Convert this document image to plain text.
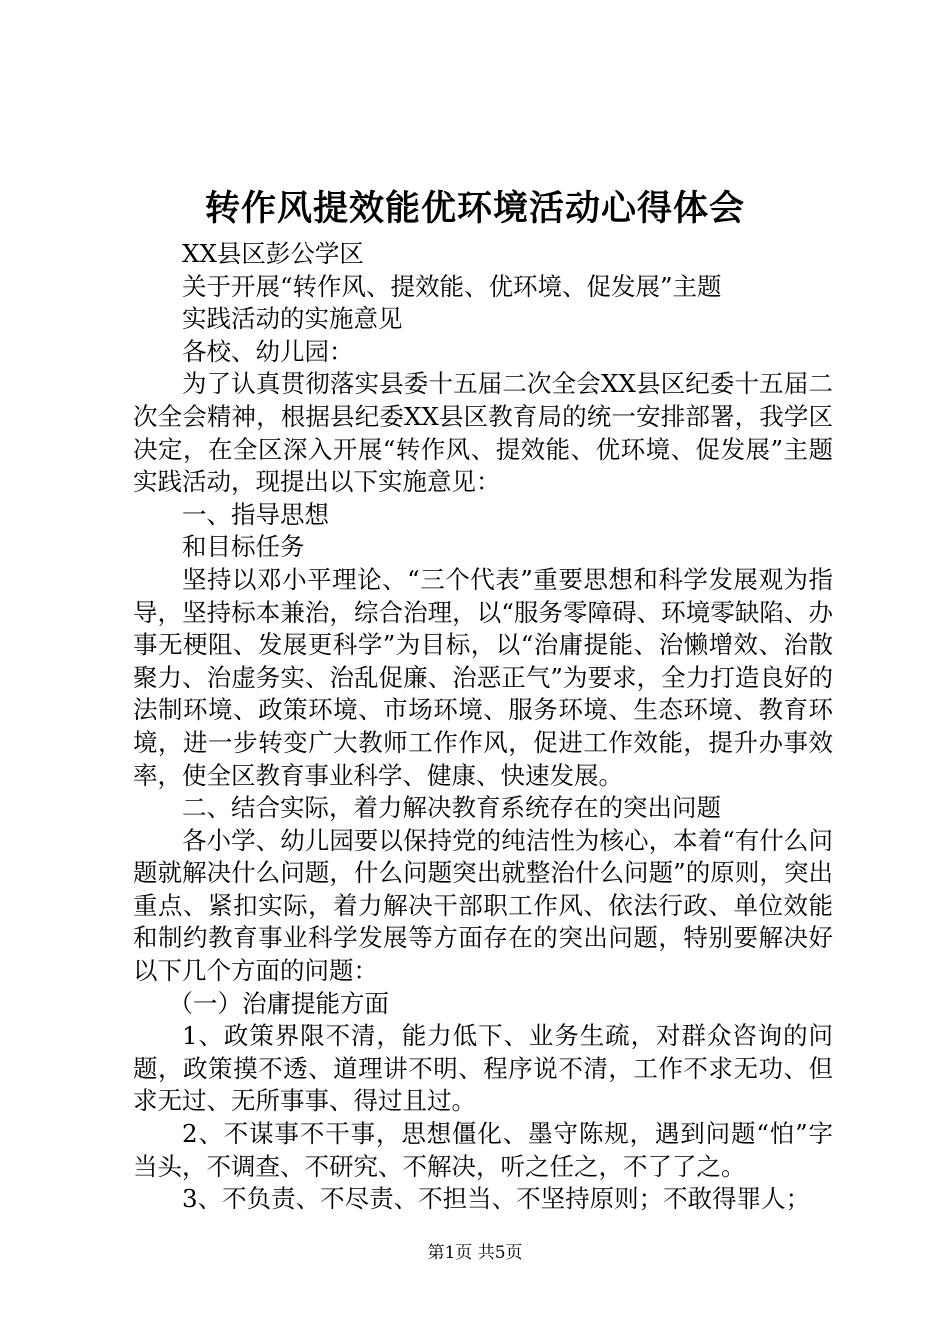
转作风提效能优环境活动心得体会

XX县区彭公学区

关于开展“转作风、提效能、优环境、促发展”主题

实践活动的实施意见

各校、幼儿园：

为了认真贯彻落实县委十五届二次全会XX县区纪委十五届二次全会精神，根据县纪委XX县区教育局的统一安排部署，我学区决定，在全区深入开展“转作风、提效能、优环境、促发展”主题实践活动，现提出以下实施意见：

一、指导思想

和目标任务

坚持以邓小平理论、“三个代表”重要思想和科学发展观为指导，坚持标本兼治，综合治理，以“服务零障碍、环境零缺陷、办事无梗阻、发展更科学”为目标，以“治庸提能、治懒增效、治散聚力、治虚务实、治乱促廉、治恶正气”为要求，全力打造良好的法制环境、政策环境、市场环境、服务环境、生态环境、教育环境，进一步转变广大教师工作作风，促进工作效能，提升办事效率，使全区教育事业科学、健康、快速发展。

二、结合实际，着力解决教育系统存在的突出问题

各小学、幼儿园要以保持党的纯洁性为核心，本着“有什么问题就解决什么问题，什么问题突出就整治什么问题”的原则，突出重点、紧扣实际，着力解决干部职工作风、依法行政、单位效能和制约教育事业科学发展等方面存在的突出问题，特别要解决好以下几个方面的问题：

（一）治庸提能方面

1、政策界限不清，能力低下、业务生疏，对群众咨询的问题，政策摸不透、道理讲不明、程序说不清，工作不求无功、但求无过、无所事事、得过且过。

2、不谋事不干事，思想僵化、墨守陈规，遇到问题“怕”字当头，不调查、不研究、不解决，听之任之，不了了之。

3、不负责、不尽责、不担当、不坚持原则；不敢得罪人；

第1页 共5页
